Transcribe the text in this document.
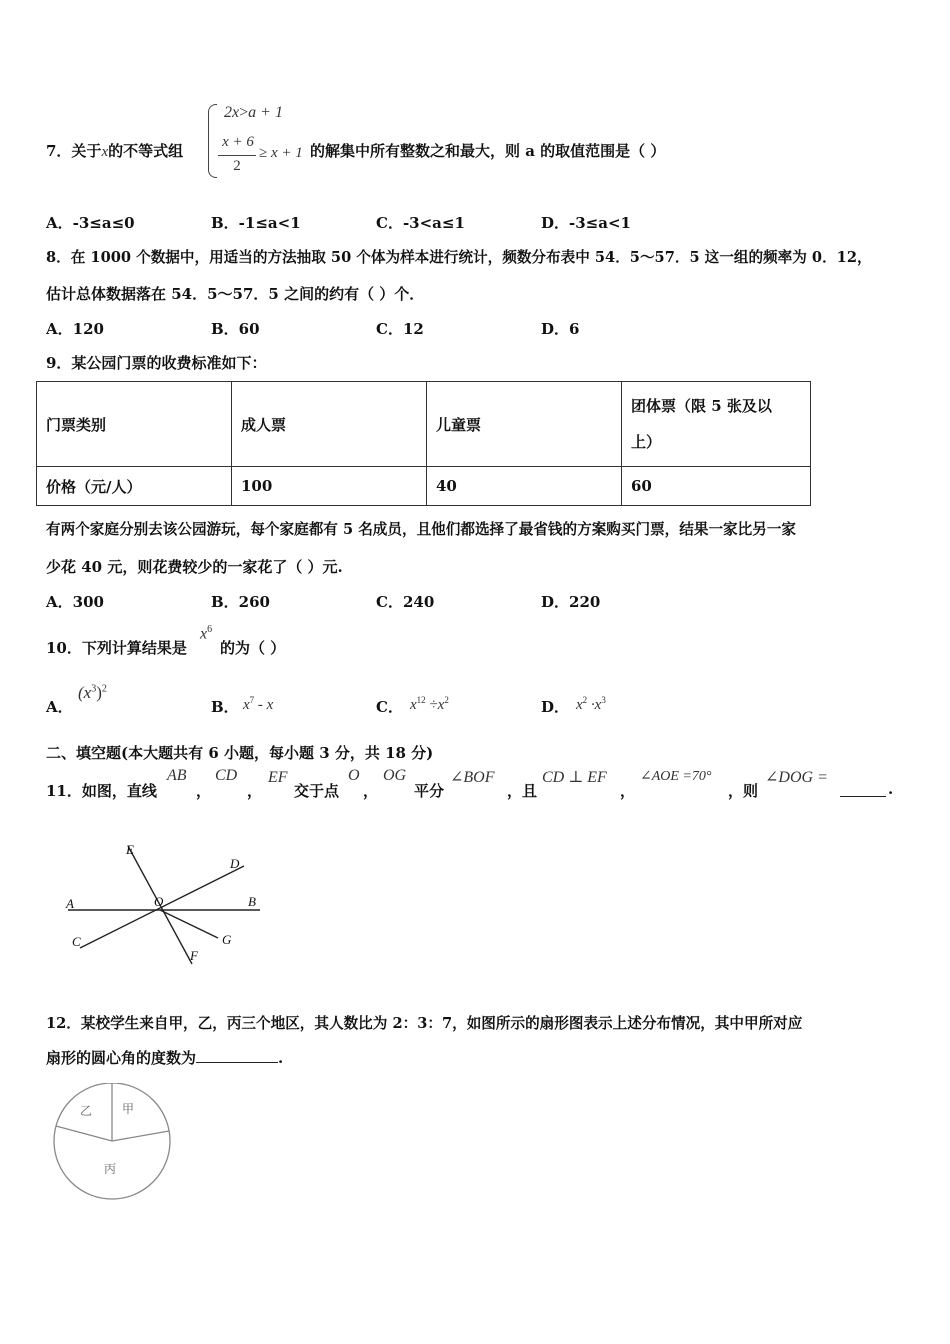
7．关于x的不等式组
2x>a + 1
x + 6
2
≥ x + 1 的解集中所有整数之和最大，则 a 的取值范围是（ ）
A．-3≤a≤0	B．-1≤a<1	C．-3<a≤1	D．-3≤a<1
8．在 1000 个数据中，用适当的方法抽取 50 个体为样本进行统计，频数分布表中 54．5～57．5 这一组的频率为 0．12，
估计总体数据落在 54．5～57．5 之间的约有（ ）个．
A．120	B．60	C．12	D．6
9．某公园门票的收费标准如下：
门票类别	成人票	儿童票	团体票（限 5 张及以
上）

价格（元/人）	100	40	60
有两个家庭分别去该公园游玩，每个家庭都有 5 名成员，且他们都选择了最省钱的方案购买门票，结果一家比另一家
少花 40 元，则花费较少的一家花了（ ）元.
A．300	B．260	C．240	D．220
10．下列计算结果是
$x^6$
的为（ ）
A．
$(x^3)^2$
B． $x^7$ - x	C． $x^{12} \div x^2$	D． $x^2 \cdot x^3$
二、填空题(本大题共有 6 小题，每小题 3 分，共 18 分)
11．如图，直线
AB
，
CD
，
EF
交于点
O
，
OG
平分
∠BOF
，且
CD ⊥ EF
，
∠AOE =70°
，则
∠DOG =
.
E
D
A	O	B
C	G
F
12．某校学生来自甲，乙，丙三个地区，其人数比为 2：3：7，如图所示的扇形图表示上述分布情况，其中甲所对应
扇形的圆心角的度数为	.
乙 甲
丙
